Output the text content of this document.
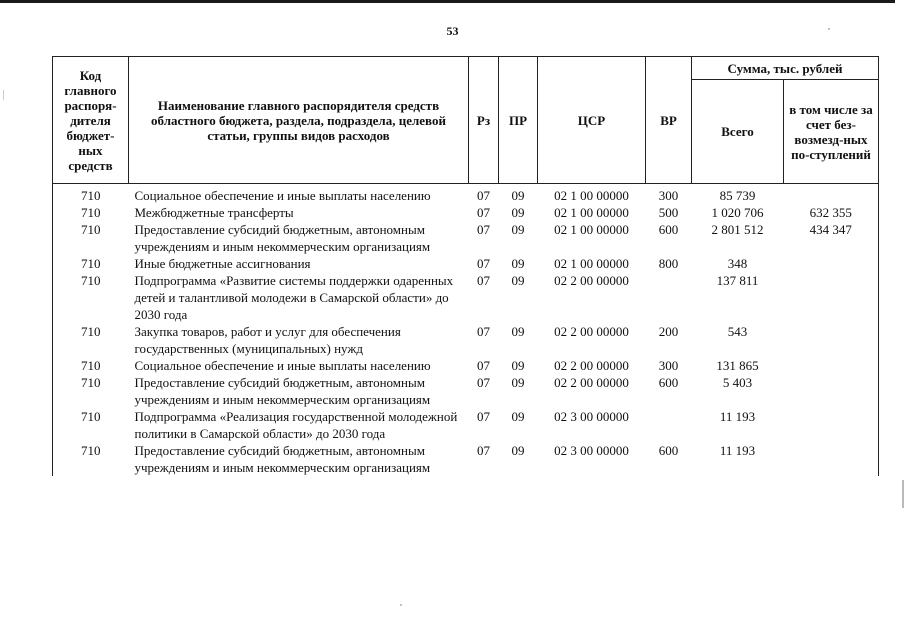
53
Код главного распоря-дителя бюджет-ных средств	Наименование главного распорядителя средств областного бюджета, раздела, подраздела, целевой статьи, группы видов расходов	Рз	ПР	ЦСР	ВР	Сумма, тыс. рублей	
						Всего	в том числе за счет без-возмезд-ных по-ступлений

710	Социальное обеспечение и иные выплаты населению	07	09	02 1 00 00000	300	85 739	
710	Межбюджетные трансферты	07	09	02 1 00 00000	500	1 020 706	632 355
710	Предоставление субсидий бюджетным, автономным учреждениям и иным некоммерческим организациям	07	09	02 1 00 00000	600	2 801 512	434 347
710	Иные бюджетные ассигнования	07	09	02 1 00 00000	800	348	
710	Подпрограмма «Развитие системы поддержки одаренных детей и талантливой молодежи в Самарской области» до 2030 года	07	09	02 2 00 00000		137 811	
710	Закупка товаров, работ и услуг для обеспечения государственных (муниципальных) нужд	07	09	02 2 00 00000	200	543	
710	Социальное обеспечение и иные выплаты населению	07	09	02 2 00 00000	300	131 865	
710	Предоставление субсидий бюджетным, автономным учреждениям и иным некоммерческим организациям	07	09	02 2 00 00000	600	5 403	
710	Подпрограмма «Реализация государственной молодежной политики в Самарской области» до 2030 года	07	09	02 3 00 00000		11 193	
710	Предоставление субсидий бюджетным, автономным учреждениям и иным некоммерческим организациям	07	09	02 3 00 00000	600	11 193	
